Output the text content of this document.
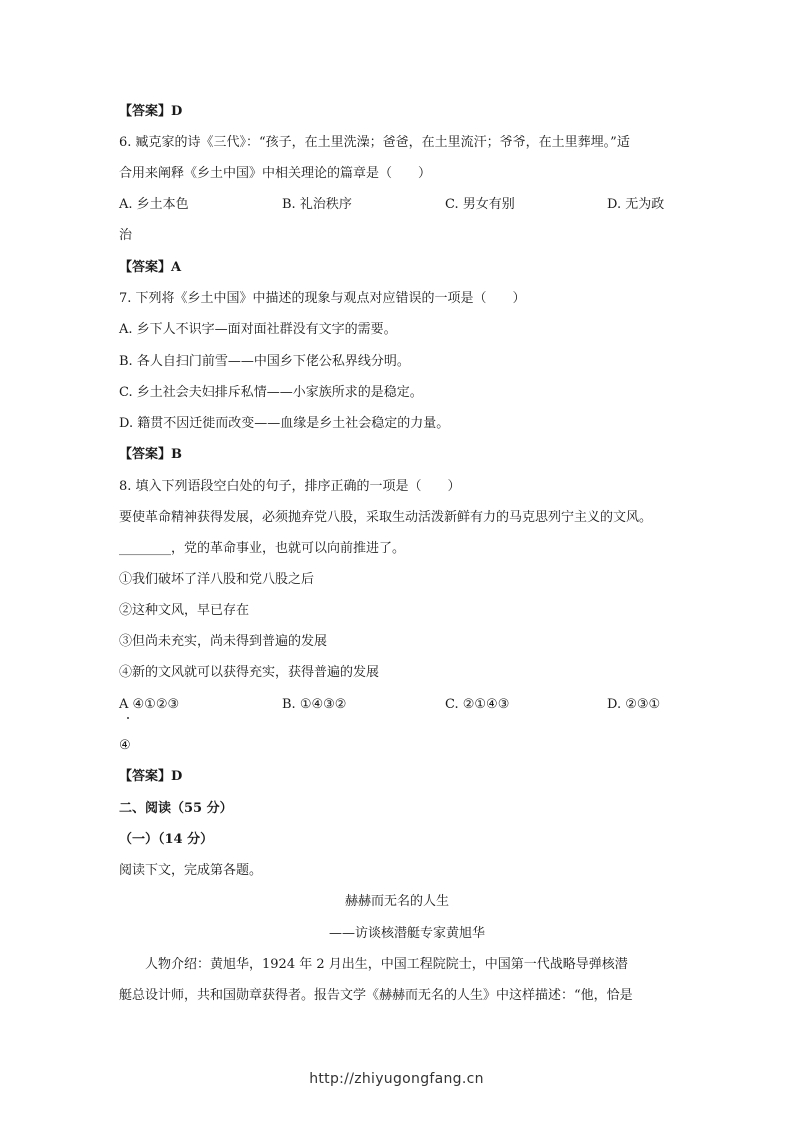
【答案】D
6. 臧克家的诗《三代》：“孩子，在土里洗澡；爸爸，在土里流汗；爷爷，在土里葬埋。”适
合用来阐释《乡土中国》中相关理论的篇章是（　　）
A. 乡土本色	B. 礼治秩序	C. 男女有别	D. 无为政
治
【答案】A
7. 下列将《乡土中国》中描述的现象与观点对应错误的一项是（　　）
A. 乡下人不识字—面对面社群没有文字的需要。
B. 各人自扫门前雪——中国乡下佬公私界线分明。
C. 乡土社会夫妇排斥私情——小家族所求的是稳定。
D. 籍贯不因迁徙而改变——血缘是乡土社会稳定的力量。
【答案】B
8. 填入下列语段空白处的句子，排序正确的一项是（　　）
要使革命精神获得发展，必须抛弃党八股，采取生动活泼新鲜有力的马克思列宁主义的文风。
________，党的革命事业，也就可以向前推进了。
①我们破坏了洋八股和党八股之后
②这种文风，早已存在
③但尚未充实，尚未得到普遍的发展
④新的文风就可以获得充实，获得普遍的发展
A ④①②③	B. ①④③②	C. ②①④③	D. ②③①
④
【答案】D
二、阅读（55 分）
（一）（14 分）
阅读下文，完成第各题。
赫赫而无名的人生
——访谈核潜艇专家黄旭华
人物介绍：黄旭华，1924 年 2 月出生，中国工程院院士，中国第一代战略导弹核潜
艇总设计师，共和国勋章获得者。报告文学《赫赫而无名的人生》中这样描述：“他，恰是
http://zhiyugongfang.cn
